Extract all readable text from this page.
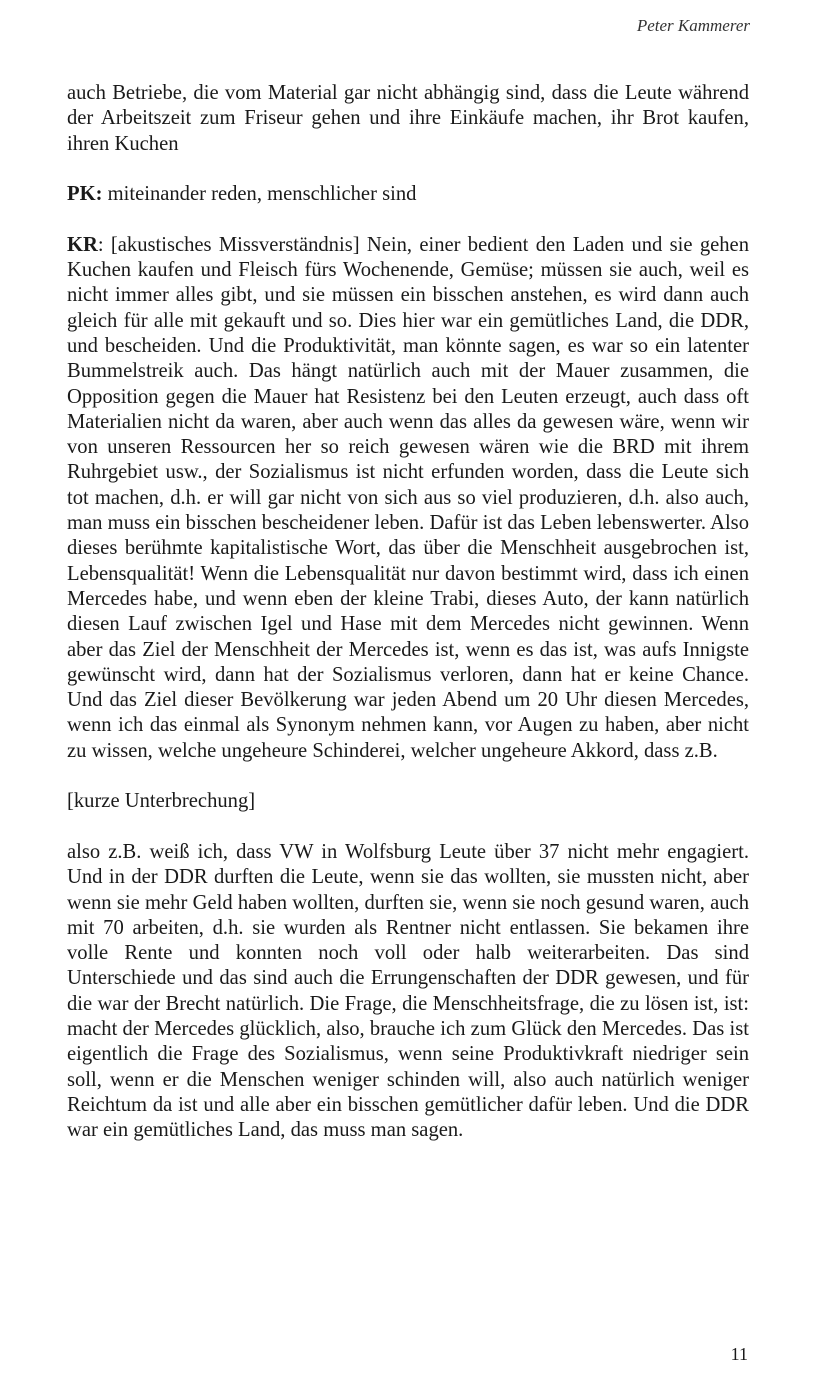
Peter Kammerer

auch Betriebe, die vom Material gar nicht abhängig sind, dass die Leute während der Arbeitszeit zum Friseur gehen und ihre Einkäufe machen, ihr Brot kaufen, ihren Kuchen

PK: miteinander reden, menschlicher sind

KR: [akustisches Missverständnis] Nein, einer bedient den Laden und sie gehen Kuchen kaufen und Fleisch fürs Wochenende, Gemüse; müssen sie auch, weil es nicht immer alles gibt, und sie müssen ein bisschen anstehen, es wird dann auch gleich für alle mit gekauft und so. Dies hier war ein gemütliches Land, die DDR, und bescheiden. Und die Produktivität, man könnte sagen, es war so ein latenter Bummelstreik auch. Das hängt natürlich auch mit der Mauer zusammen, die Opposition gegen die Mauer hat Resistenz bei den Leuten erzeugt, auch dass oft Materialien nicht da waren, aber auch wenn das alles da gewesen wäre, wenn wir von unseren Ressourcen her so reich gewesen wären wie die BRD mit ihrem Ruhrgebiet usw., der Sozialismus ist nicht erfunden worden, dass die Leute sich tot machen, d.h. er will gar nicht von sich aus so viel produzieren, d.h. also auch, man muss ein bisschen bescheidener leben. Dafür ist das Leben lebenswerter. Also dieses berühmte kapitalistische Wort, das über die Menschheit ausgebrochen ist, Lebensqualität! Wenn die Lebensqualität nur davon bestimmt wird, dass ich einen Mercedes habe, und wenn eben der kleine Trabi, dieses Auto, der kann natürlich diesen Lauf zwischen Igel und Hase mit dem Mercedes nicht gewinnen. Wenn aber das Ziel der Menschheit der Mercedes ist, wenn es das ist, was aufs Innigste gewünscht wird, dann hat der Sozialismus verloren, dann hat er keine Chance. Und das Ziel dieser Bevölkerung war jeden Abend um 20 Uhr diesen Mercedes, wenn ich das einmal als Synonym nehmen kann, vor Augen zu haben, aber nicht zu wissen, welche ungeheure Schinderei, welcher ungeheure Akkord, dass z.B.

[kurze Unterbrechung]

also z.B. weiß ich, dass VW in Wolfsburg Leute über 37 nicht mehr engagiert. Und in der DDR durften die Leute, wenn sie das wollten, sie mussten nicht, aber wenn sie mehr Geld haben wollten, durften sie, wenn sie noch gesund waren, auch mit 70 arbeiten, d.h. sie wurden als Rentner nicht entlassen. Sie bekamen ihre volle Rente und konnten noch voll oder halb weiterarbeiten. Das sind Unterschiede und das sind auch die Errungenschaften der DDR gewesen, und für die war der Brecht natürlich. Die Frage, die Menschheitsfrage, die zu lösen ist, ist: macht der Mercedes glücklich, also, brauche ich zum Glück den Mercedes. Das ist eigentlich die Frage des Sozialismus, wenn seine Produktivkraft niedriger sein soll, wenn er die Menschen weniger schinden will, also auch natürlich weniger Reichtum da ist und alle aber ein bisschen gemütlicher dafür leben. Und die DDR war ein gemütliches Land, das muss man sagen.

11
